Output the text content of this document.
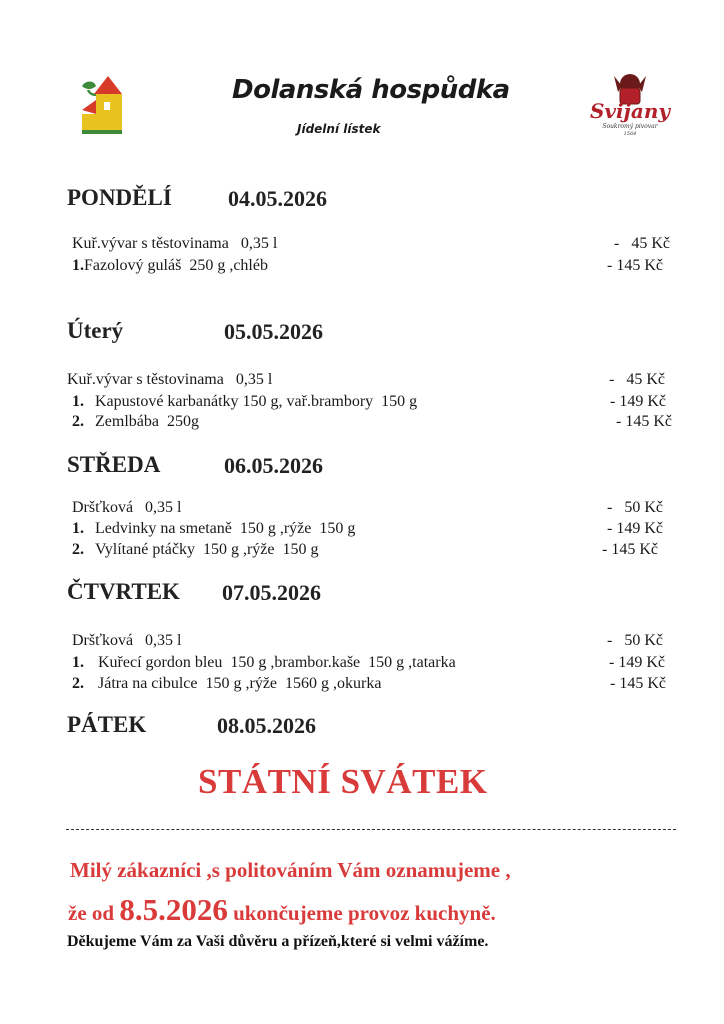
Dolanská hospůdka
Jídelní lístek
Svijany
Soukromý pivovar
1564
PONDĚLÍ	04.05.2026
Kuř.vývar s těstovinama   0,35 l	-   45 Kč
1.Fazolový guláš  250 g ,chléb	- 145 Kč
Úterý	05.05.2026
Kuř.vývar s těstovinama   0,35 l	-   45 Kč
1. Kapustové karbanátky 150 g, vař.brambory  150 g	- 149 Kč
2. Zemlbába  250g	- 145 Kč
STŘEDA	06.05.2026
Dršťková   0,35 l	-   50 Kč
1. Ledvinky na smetaně  150 g ,rýže  150 g	- 149 Kč
2. Vylítané ptáčky  150 g ,rýže  150 g	- 145 Kč
ČTVRTEK 07.05.2026
Dršťková   0,35 l	-   50 Kč
1. Kuřecí gordon bleu  150 g ,brambor.kaše  150 g ,tatarka	- 149 Kč
2. Játra na cibulce  150 g ,rýže  1560 g ,okurka	- 145 Kč
PÁTEK	08.05.2026
STÁTNÍ SVÁTEK
Milý zákazníci ,s politováním Vám oznamujeme ,
že od 8.5.2026 ukončujeme provoz kuchyně.
Děkujeme Vám za Vaši důvěru a přízeň,které si velmi vážíme.
